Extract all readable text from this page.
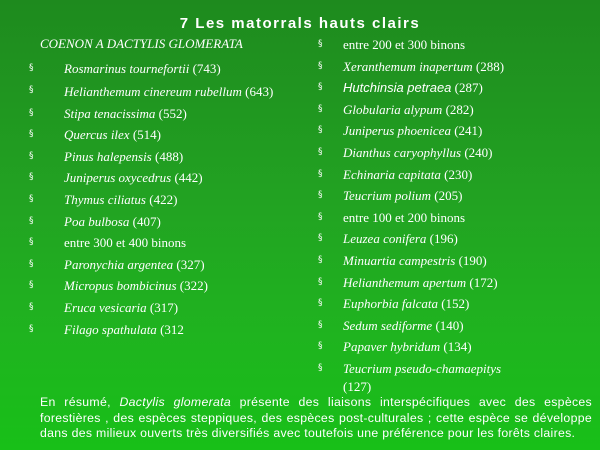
7 Les matorrals hauts clairs
COENON A DACTYLIS GLOMERATA
§ Rosmarinus tournefortii (743)
§ Helianthemum cinereum rubellum (643)
§ Stipa tenacissima (552)
§ Quercus ilex (514)
§ Pinus halepensis (488)
§ Juniperus oxycedrus (442)
§ Thymus ciliatus (422)
§ Poa bulbosa (407)
§ entre 300 et 400 binons
§ Paronychia argentea (327)
§ Micropus bombicinus (322)
§ Eruca vesicaria (317)
§ Filago spathulata (312
§ entre 200 et 300 binons
§ Xeranthemum inapertum (288)
§ Hutchinsia petraea (287)
§ Globularia alypum (282)
§ Juniperus phoenicea (241)
§ Dianthus caryophyllus (240)
§ Echinaria capitata (230)
§ Teucrium polium (205)
§ entre 100 et 200 binons
§ Leuzea conifera (196)
§ Minuartia campestris (190)
§ Helianthemum apertum (172)
§ Euphorbia falcata (152)
§ Sedum sediforme (140)
§ Papaver hybridum (134)
§ Teucrium pseudo-chamaepitys
(127)
En résumé, Dactylis glomerata présente des liaisons interspécifiques avec des espèces forestières , des espèces steppiques, des espèces post-culturales ; cette espèce se développe dans des milieux ouverts très diversifiés avec toutefois une préférence pour les forêts claires.
